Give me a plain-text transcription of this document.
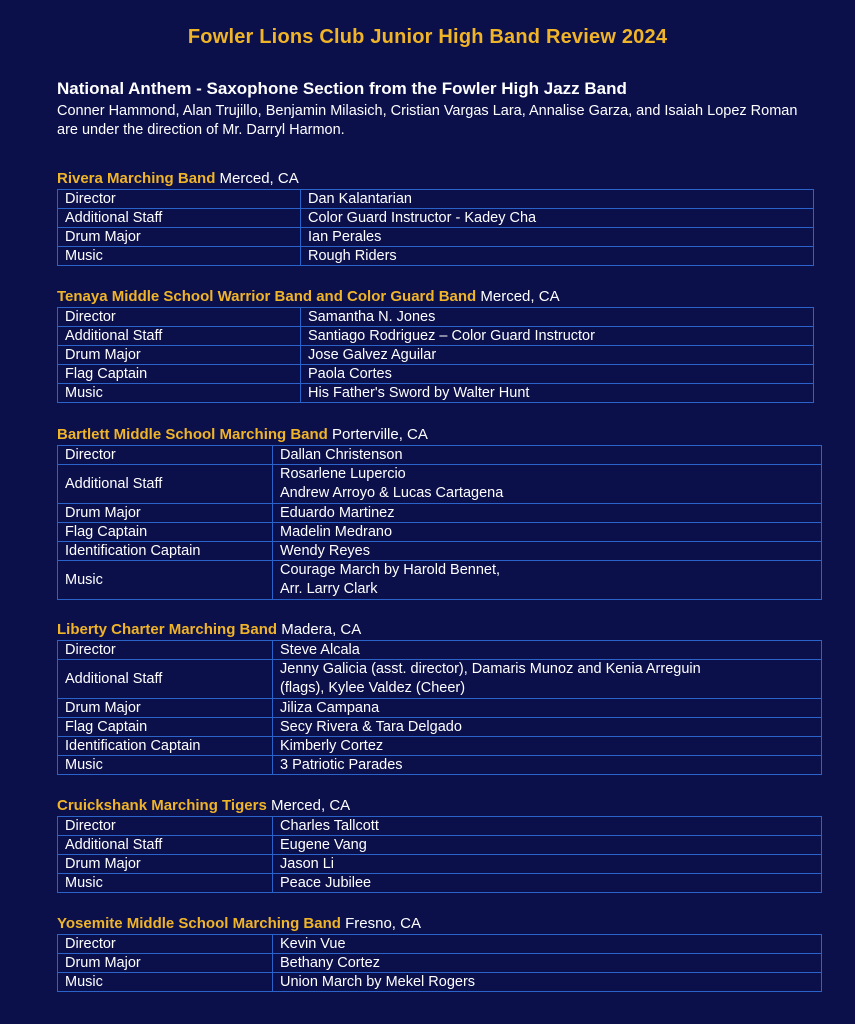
Fowler Lions Club Junior High Band Review 2024

National Anthem - Saxophone Section from the Fowler High Jazz Band

Conner Hammond, Alan Trujillo, Benjamin Milasich, Cristian Vargas Lara, Annalise Garza, and Isaiah Lopez Roman are under the direction of Mr. Darryl Harmon.

Rivera Marching Band Merced, CA
Director	Dan Kalantarian

Additional Staff	Color Guard Instructor - Kadey Cha

Drum Major	Ian Perales

Music	Rough Riders
Tenaya Middle School Warrior Band and Color Guard Band Merced, CA
Director	Samantha N. Jones

Additional Staff	Santiago Rodriguez – Color Guard Instructor

Drum Major	Jose Galvez Aguilar

Flag Captain	Paola Cortes

Music	His Father's Sword by Walter Hunt
Bartlett Middle School Marching Band Porterville, CA
Director	Dallan Christenson

Additional Staff	Rosarlene Lupercio
Andrew Arroyo & Lucas Cartagena

Drum Major	Eduardo Martinez

Flag Captain	Madelin Medrano

Identification Captain	Wendy Reyes

Music	Courage March by Harold Bennet,
Arr. Larry Clark
Liberty Charter Marching Band Madera, CA
Director	Steve Alcala

Additional Staff	Jenny Galicia (asst. director), Damaris Munoz and Kenia Arreguin
(flags), Kylee Valdez (Cheer)

Drum Major	Jiliza Campana

Flag Captain	Secy Rivera & Tara Delgado

Identification Captain	Kimberly Cortez

Music	3 Patriotic Parades
Cruickshank Marching Tigers Merced, CA
Director	Charles Tallcott

Additional Staff	Eugene Vang

Drum Major	Jason Li

Music	Peace Jubilee
Yosemite Middle School Marching Band Fresno, CA
Director	Kevin Vue

Drum Major	Bethany Cortez

Music	Union March by Mekel Rogers
